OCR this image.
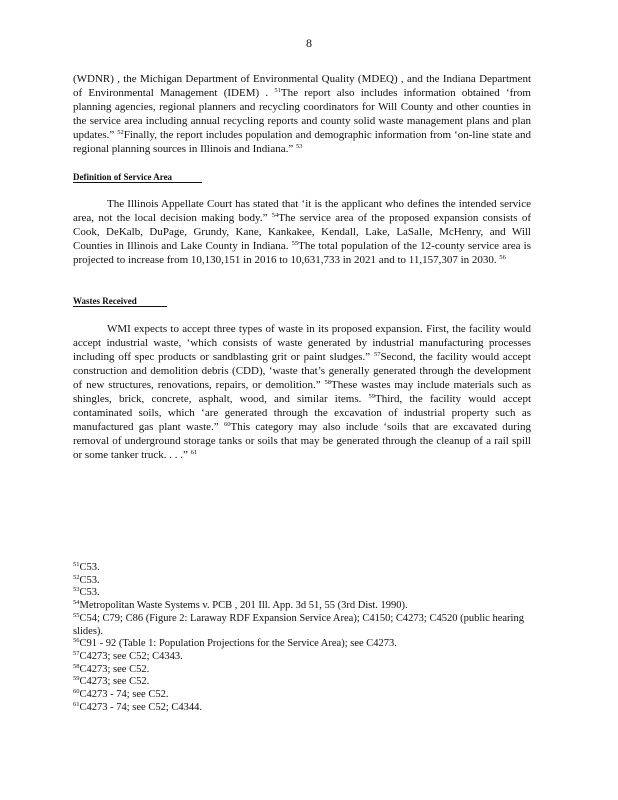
8
(WDNR) , the Michigan Department of Environmental Quality (MDEQ) , and the Indiana Department of Environmental Management (IDEM) . $^{51}$The report also includes information obtained ‘from planning agencies, regional planners and recycling coordinators for Will County and other counties in the service area including annual recycling reports and county solid waste management plans and plan updates.” $^{52}$Finally, the report includes population and demographic information from ‘on-line state and regional planning sources in Illinois and Indiana.” $^{53}$
Definition of Service Area
The Illinois Appellate Court has stated that ‘it is the applicant who defines the intended service area, not the local decision making body.” $^{54}$The service area of the proposed expansion consists of Cook, DeKalb, DuPage, Grundy, Kane, Kankakee, Kendall, Lake, LaSalle, McHenry, and Will Counties in Illinois and Lake County in Indiana. $^{55}$The total population of the 12-county service area is projected to increase from 10,130,151 in 2016 to 10,631,733 in 2021 and to 11,157,307 in 2030. $^{56}$
Wastes Received
WMI expects to accept three types of waste in its proposed expansion. First, the facility would accept industrial waste, ‘which consists of waste generated by industrial manufacturing processes including off spec products or sandblasting grit or paint sludges.” $^{57}$Second, the facility would accept construction and demolition debris (CDD), ‘waste that’s generally generated through the development of new structures, renovations, repairs, or demolition.” $^{58}$These wastes may include materials such as shingles, brick, concrete, asphalt, wood, and similar items. $^{59}$Third, the facility would accept contaminated soils, which ‘are generated through the excavation of industrial property such as manufactured gas plant waste.” $^{60}$This category may also include ‘soils that are excavated during removal of underground storage tanks or soils that may be generated through the cleanup of a rail spill or some tanker truck. . . .” $^{61}$
$^{51}$C53.
$^{52}$C53.
$^{53}$C53.
$^{54}$Metropolitan Waste Systems v. PCB , 201 Ill. App. 3d 51, 55 (3rd Dist. 1990).
$^{55}$C54; C79; C86 (Figure 2: Laraway RDF Expansion Service Area); C4150; C4273; C4520 (public hearing slides).
$^{56}$C91 - 92 (Table 1: Population Projections for the Service Area); see C4273.
$^{57}$C4273; see C52; C4343.
$^{58}$C4273; see C52.
$^{59}$C4273; see C52.
$^{60}$C4273 - 74; see C52.
$^{61}$C4273 - 74; see C52; C4344.
